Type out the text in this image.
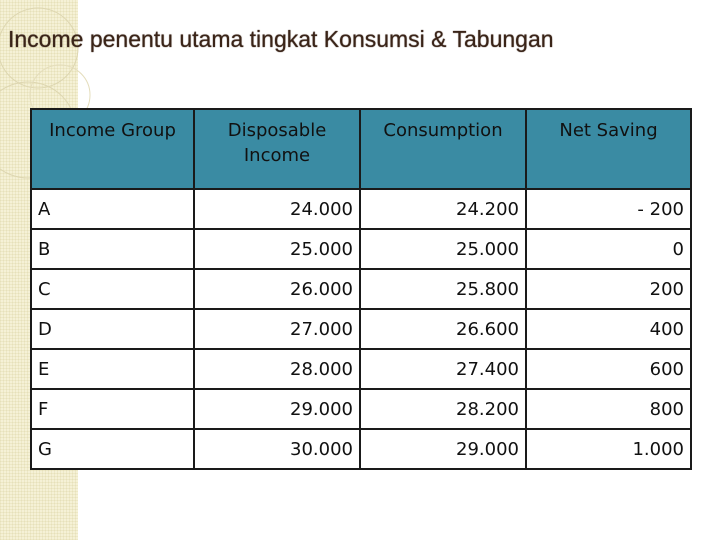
Income penentu utama tingkat Konsumsi & Tabungan
Income Group	Disposable Income	Consumption	Net Saving
A	24.000	24.200	- 200
B	25.000	25.000	0
C	26.000	25.800	200
D	27.000	26.600	400
E	28.000	27.400	600
F	29.000	28.200	800
G	30.000	29.000	1.000
